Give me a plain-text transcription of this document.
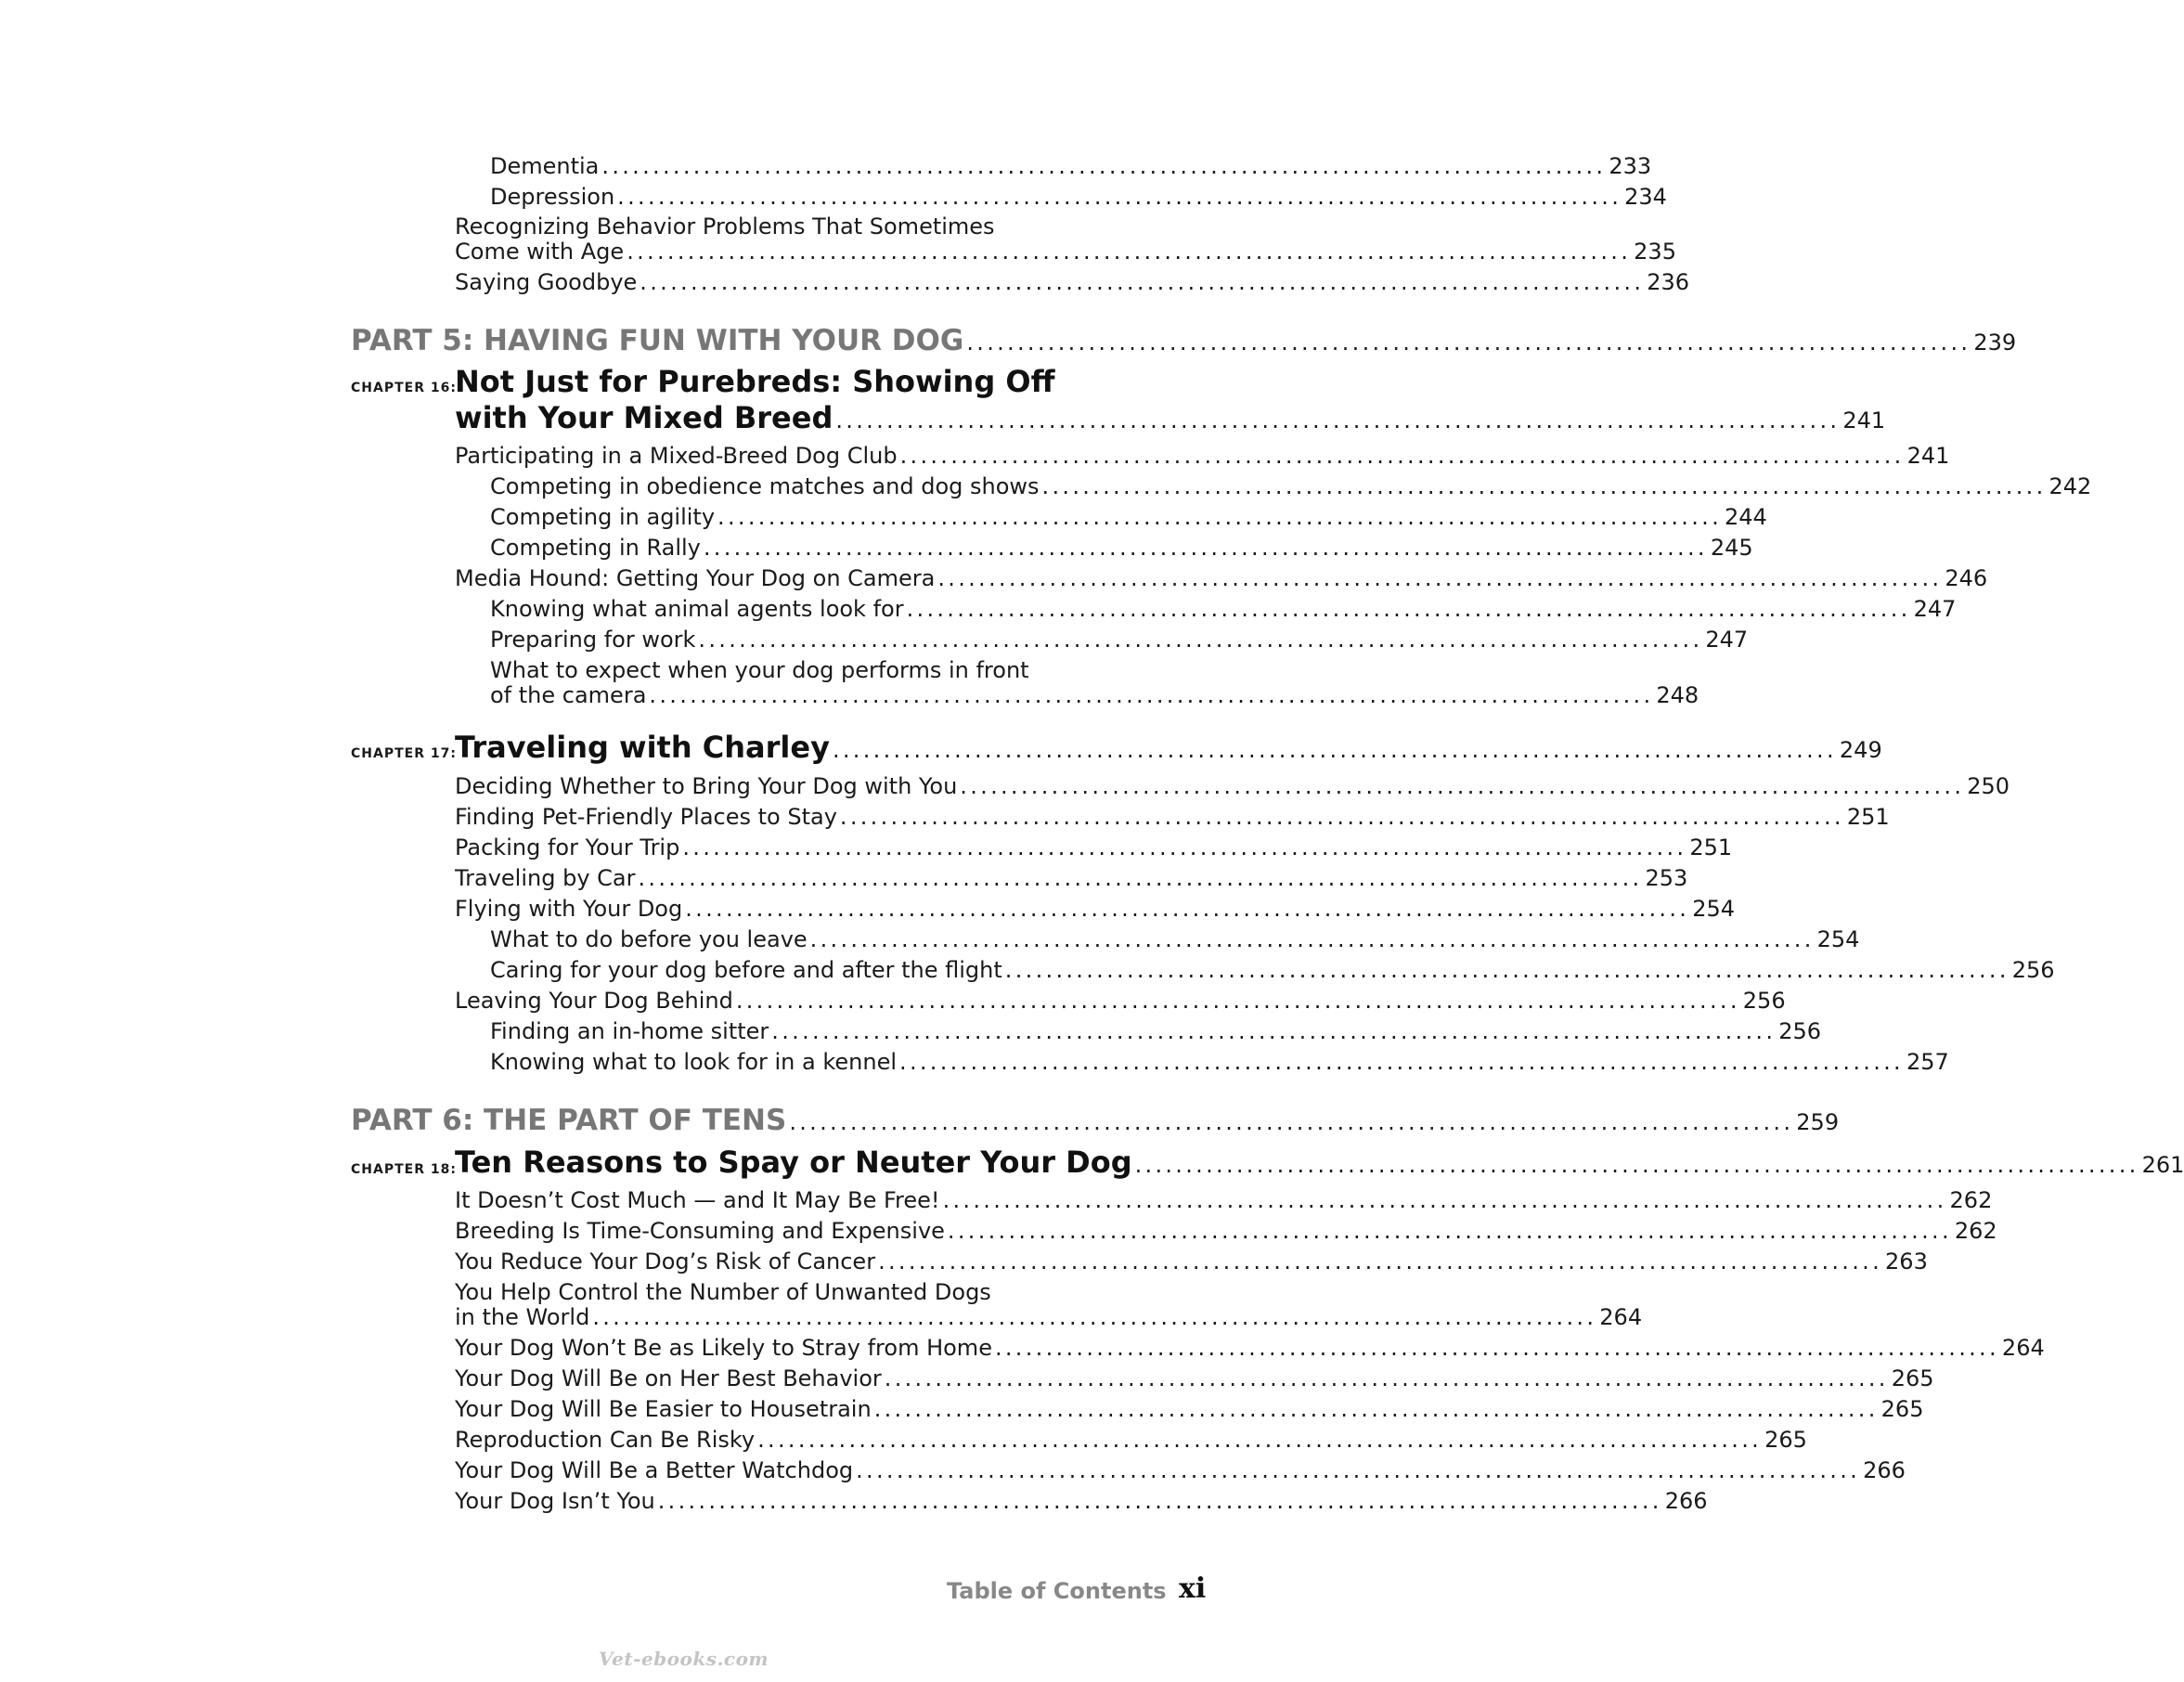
Dementia ................................................................................................... 233
Depression ................................................................................................... 234
Recognizing Behavior Problems That Sometimes
Come with Age ................................................................................................... 235
Saying Goodbye ................................................................................................... 236
PART 5: HAVING FUN WITH YOUR DOG ................................................................................................... 239
CHAPTER 16:
Not Just for Purebreds: Showing Off
with Your Mixed Breed ................................................................................................... 241
Participating in a Mixed-Breed Dog Club ................................................................................................... 241
Competing in obedience matches and dog shows ................................................................................................... 242
Competing in agility ................................................................................................... 244
Competing in Rally ................................................................................................... 245
Media Hound: Getting Your Dog on Camera ................................................................................................... 246
Knowing what animal agents look for ................................................................................................... 247
Preparing for work ................................................................................................... 247
What to expect when your dog performs in front
of the camera ................................................................................................... 248
CHAPTER 17:
Traveling with Charley ................................................................................................... 249
Deciding Whether to Bring Your Dog with You ................................................................................................... 250
Finding Pet-Friendly Places to Stay ................................................................................................... 251
Packing for Your Trip ................................................................................................... 251
Traveling by Car ................................................................................................... 253
Flying with Your Dog ................................................................................................... 254
What to do before you leave ................................................................................................... 254
Caring for your dog before and after the flight ................................................................................................... 256
Leaving Your Dog Behind ................................................................................................... 256
Finding an in-home sitter ................................................................................................... 256
Knowing what to look for in a kennel ................................................................................................... 257
PART 6: THE PART OF TENS ................................................................................................... 259
CHAPTER 18:
Ten Reasons to Spay or Neuter Your Dog ................................................................................................... 261
It Doesn’t Cost Much — and It May Be Free! ................................................................................................... 262
Breeding Is Time-Consuming and Expensive ................................................................................................... 262
You Reduce Your Dog’s Risk of Cancer ................................................................................................... 263
You Help Control the Number of Unwanted Dogs
in the World ................................................................................................... 264
Your Dog Won’t Be as Likely to Stray from Home ................................................................................................... 264
Your Dog Will Be on Her Best Behavior ................................................................................................... 265
Your Dog Will Be Easier to Housetrain ................................................................................................... 265
Reproduction Can Be Risky ................................................................................................... 265
Your Dog Will Be a Better Watchdog ................................................................................................... 266
Your Dog Isn’t You ................................................................................................... 266
Table of Contents xi
Vet-ebooks.com
